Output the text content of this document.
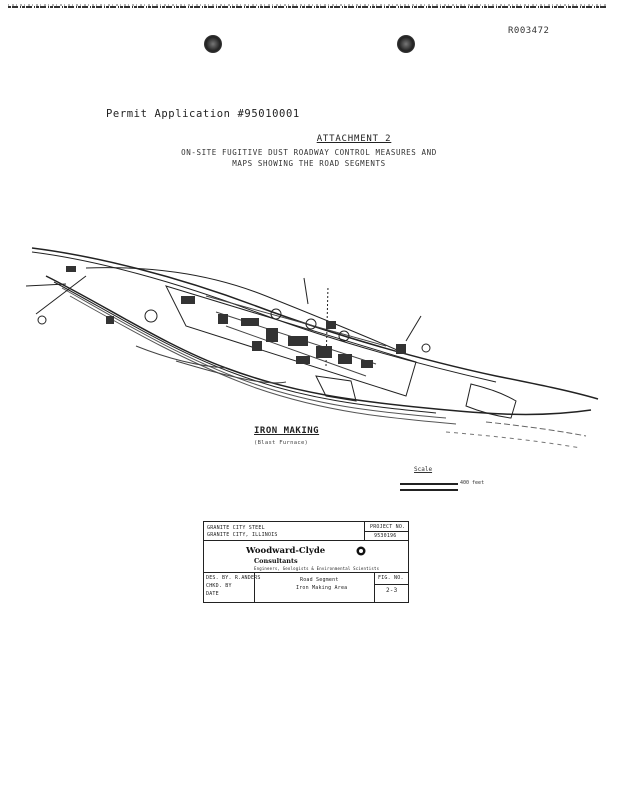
R003472
Permit Application #95010001
ATTACHMENT 2
ON-SITE FUGITIVE DUST ROADWAY CONTROL MEASURES AND
MAPS SHOWING THE ROAD SEGMENTS
IRON MAKING
(Blast Furnace)
Scale
400 feet
GRANITE CITY STEEL
GRANITE CITY, ILLINOIS
PROJECT NO.
9530196
Woodward-Clyde
Consultants
Engineers, Geologists & Environmental Scientists
DES. BY. R.ANDERS
CHKD. BY
DATE
Road Segment
Iron Making Area
FIG. NO.
2-3
